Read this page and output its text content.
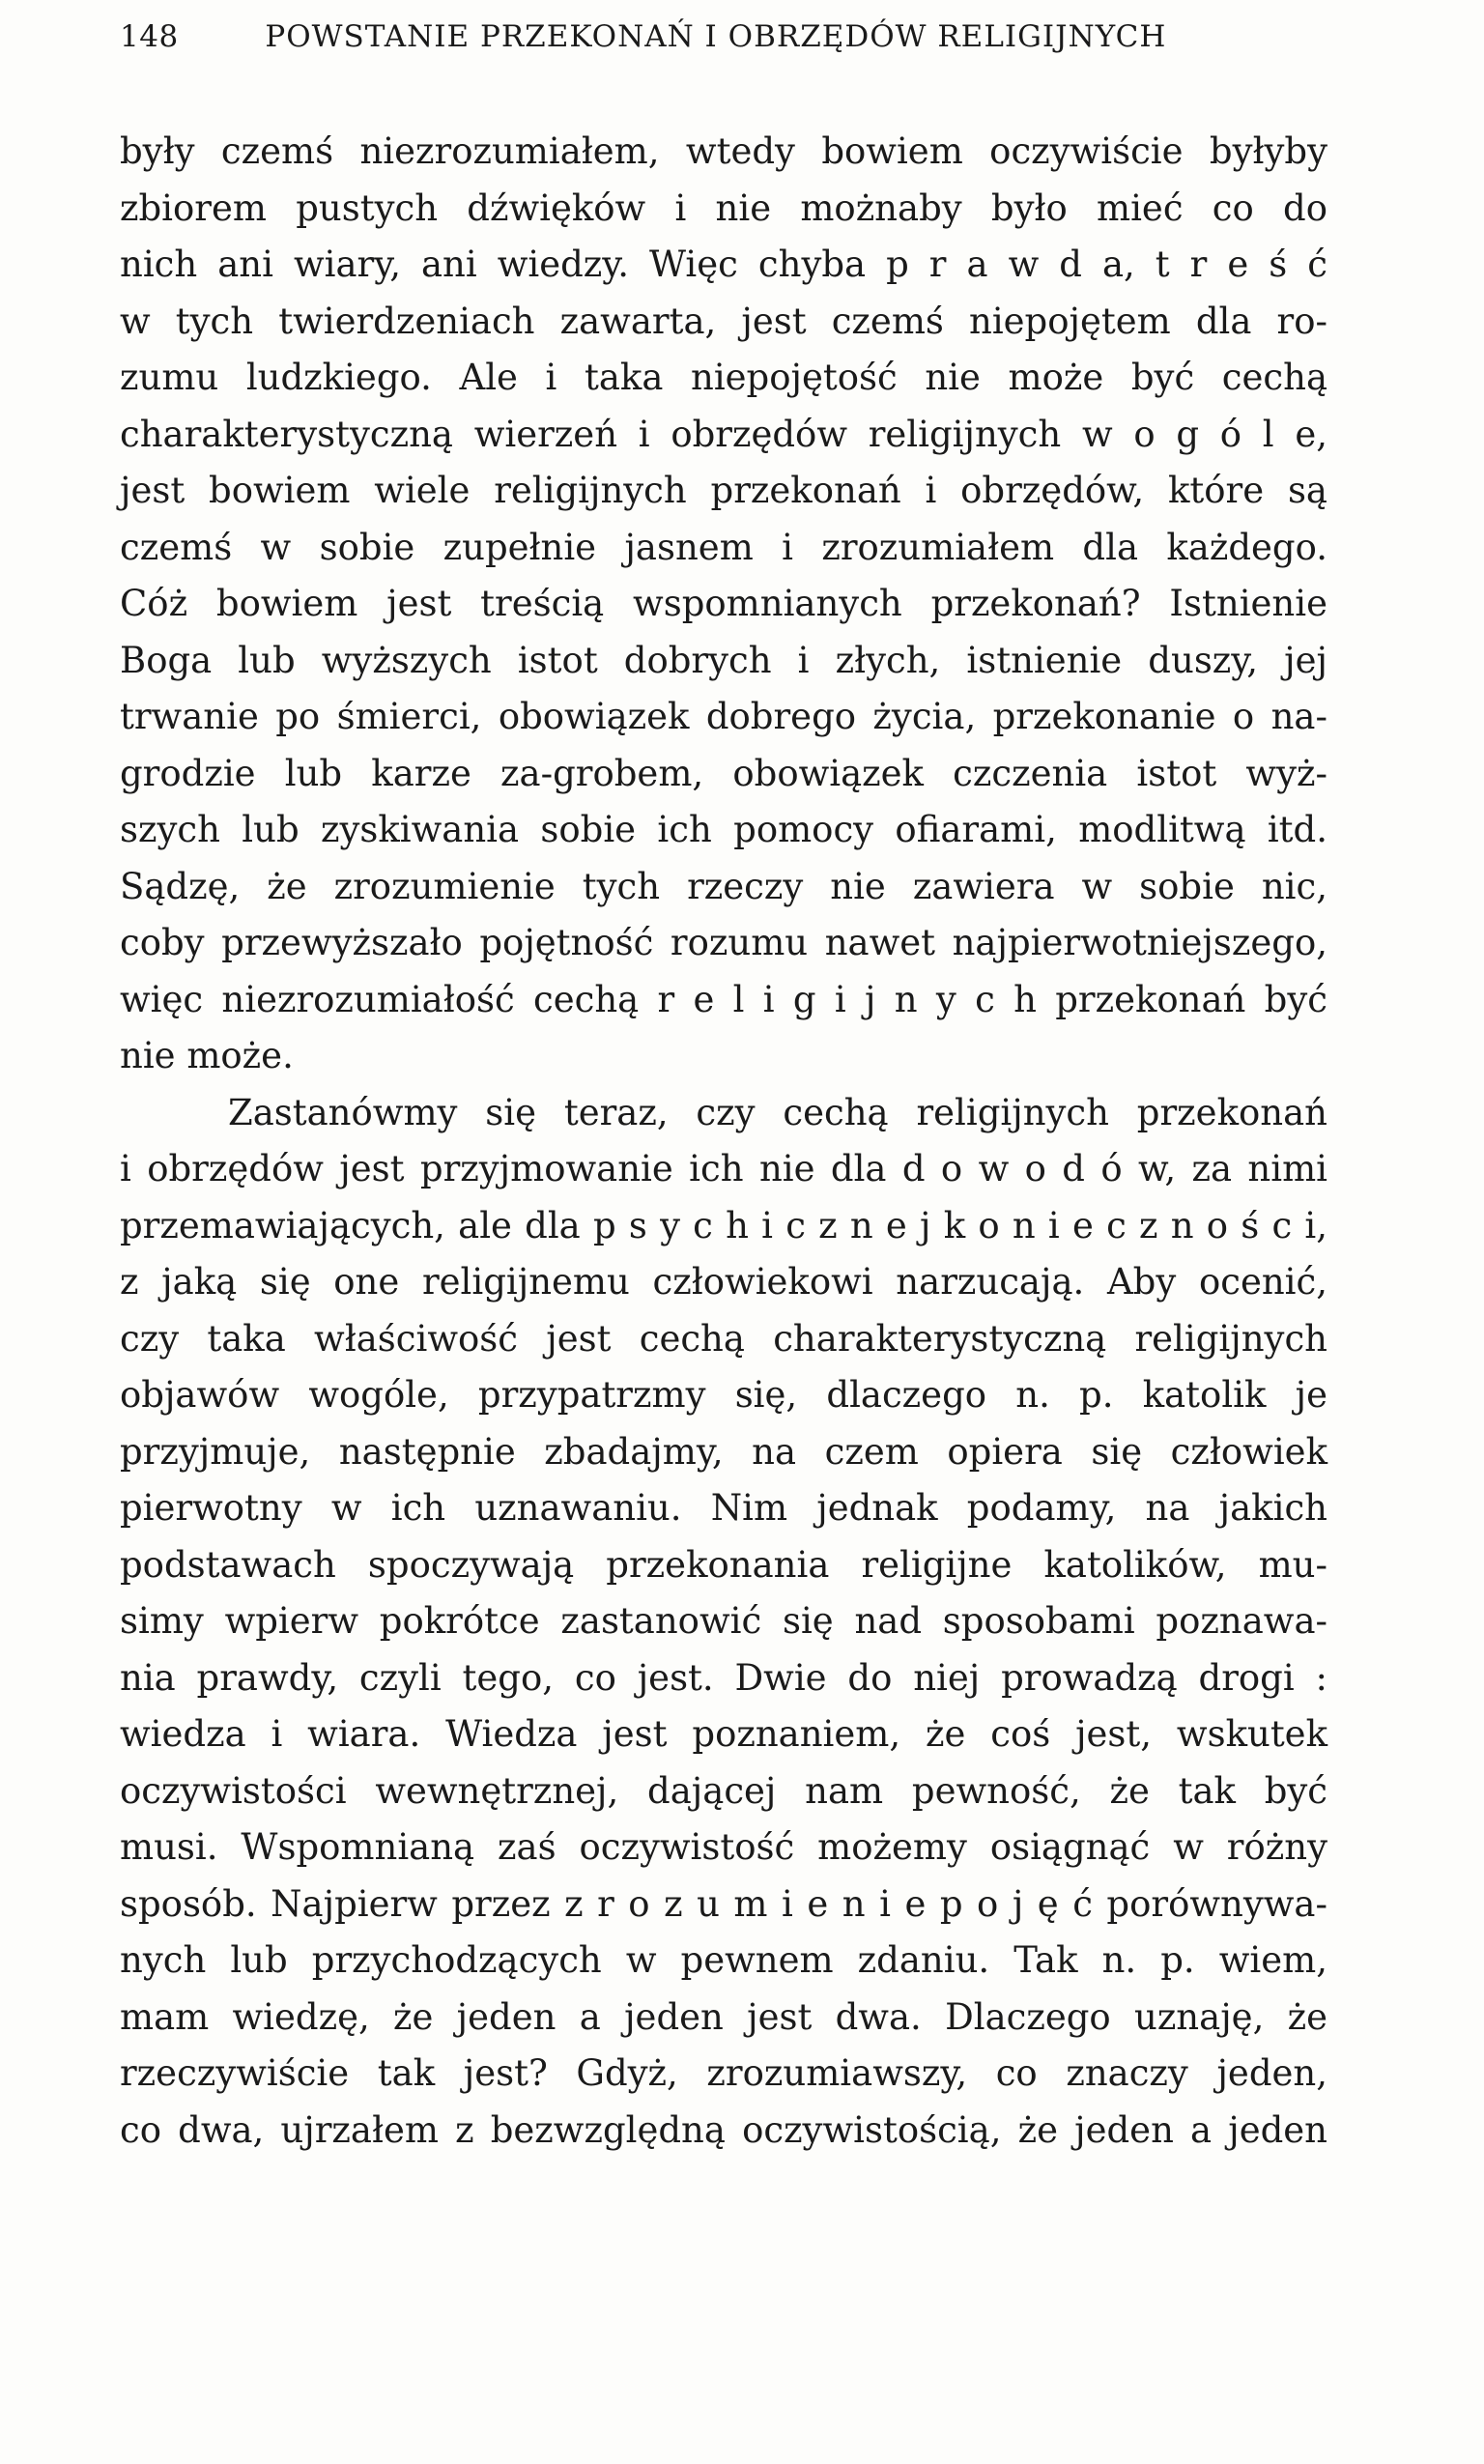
148	POWSTANIE PRZEKONAŃ I OBRZĘDÓW RELIGIJNYCH
były czemś niezrozumiałem, wtedy bowiem oczywiście byłyby
zbiorem pustych dźwięków i nie możnaby było mieć co do
nich ani wiary, ani wiedzy. Więc chyba p r a w d a, t r e ś ć
w tych twierdzeniach zawarta, jest czemś niepojętem dla ro-
zumu ludzkiego. Ale i taka niepojętość nie może być cechą
charakterystyczną wierzeń i obrzędów religijnych w o g ó l e,
jest bowiem wiele religijnych przekonań i obrzędów, które są
czemś w sobie zupełnie jasnem i zrozumiałem dla każdego.
Cóż bowiem jest treścią wspomnianych przekonań? Istnienie
Boga lub wyższych istot dobrych i złych, istnienie duszy, jej
trwanie po śmierci, obowiązek dobrego życia, przekonanie o na-
grodzie lub karze za-grobem, obowiązek czczenia istot wyż-
szych lub zyskiwania sobie ich pomocy ofiarami, modlitwą itd.
Sądzę, że zrozumienie tych rzeczy nie zawiera w sobie nic,
coby przewyższało pojętność rozumu nawet najpierwotniejszego,
więc niezrozumiałość cechą r e l i g i j n y c h przekonań być
nie może.
Zastanówmy się teraz, czy cechą religijnych przekonań
i obrzędów jest przyjmowanie ich nie dla d o w o d ó w, za nimi
przemawiających, ale dla p s y c h i c z n e j k o n i e c z n o ś c i,
z jaką się one religijnemu człowiekowi narzucają. Aby ocenić,
czy taka właściwość jest cechą charakterystyczną religijnych
objawów wogóle, przypatrzmy się, dlaczego n. p. katolik je
przyjmuje, następnie zbadajmy, na czem opiera się człowiek
pierwotny w ich uznawaniu. Nim jednak podamy, na jakich
podstawach spoczywają przekonania religijne katolików, mu-
simy wpierw pokrótce zastanowić się nad sposobami poznawa-
nia prawdy, czyli tego, co jest. Dwie do niej prowadzą drogi :
wiedza i wiara. Wiedza jest poznaniem, że coś jest, wskutek
oczywistości wewnętrznej, dającej nam pewność, że tak być
musi. Wspomnianą zaś oczywistość możemy osiągnąć w różny
sposób. Najpierw przez z r o z u m i e n i e p o j ę ć porównywa-
nych lub przychodzących w pewnem zdaniu. Tak n. p. wiem,
mam wiedzę, że jeden a jeden jest dwa. Dlaczego uznaję, że
rzeczywiście tak jest? Gdyż, zrozumiawszy, co znaczy jeden,
co dwa, ujrzałem z bezwzględną oczywistością, że jeden a jeden
